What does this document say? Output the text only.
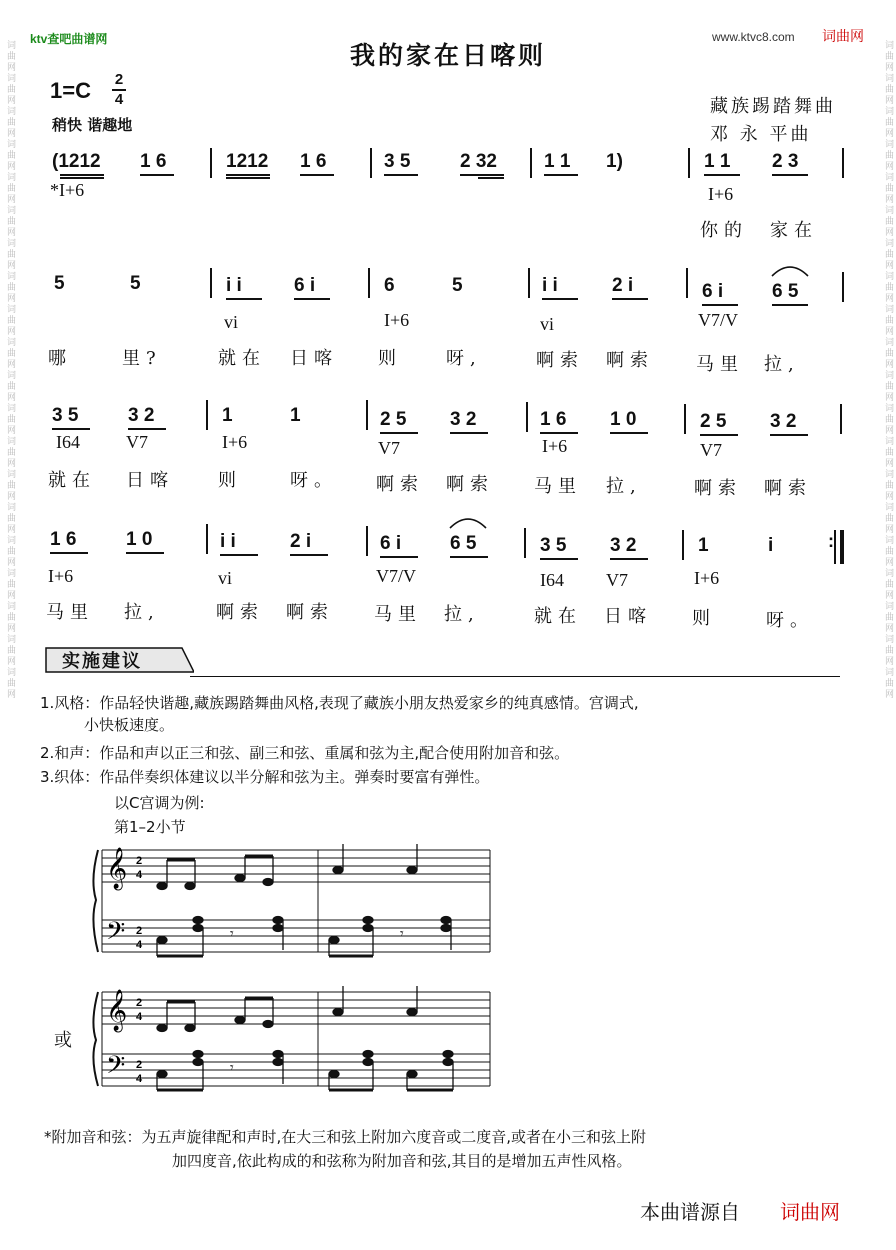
ktv查吧曲谱网	www.ktvc8.com 词曲网
词曲网词曲网词曲网词曲网词曲网词曲网词曲网词曲网词曲网词曲网词曲网词曲网词曲网词曲网词曲网词曲网词曲网词曲网词曲网词曲网	词曲网词曲网词曲网词曲网词曲网词曲网词曲网词曲网词曲网词曲网词曲网词曲网词曲网词曲网词曲网词曲网词曲网词曲网词曲网词曲网
我的家在日喀则
1=C 2
4
稍快 谐趣地
藏族踢踏舞曲
邓 永 平曲
(1212 1 6	1212 1 6	3 5	2 32 1 1 1)	1 1 2 3
*I+6	I+6
你的 家在
5	5	i i	6 i	6	5	i i	2 i	6 i	6 5
vi	I+6	vi	V7/V
哪	里?	就在 日喀 则 呀,	啊索 啊索 马里 拉,
3 5	3 2	1	1	2 5 3 2	1 6 1 0	2 5 3 2
I64	V7	I+6	V7	I+6	V7
就在 日喀 则	呀。 啊索 啊索 马里 拉,	啊索 啊索
1 6	1 0	i i	2 i	6 i	6 5	3 5 3 2	1	i	:
I+6	vi	V7/V	I64 V7	I+6
马里 拉,	啊索 啊索 马里 拉,	就在 日喀 则	呀。
实施建议
1.风格：作品轻快谐趣,藏族踢踏舞曲风格,表现了藏族小朋友热爱家乡的纯真感情。宫调式,
小快板速度。
2.和声：作品和声以正三和弦、副三和弦、重属和弦为主,配合使用附加音和弦。
3.织体：作品伴奏织体建议以半分解和弦为主。弹奏时要富有弹性。
以C宫调为例:
第1–2小节
𝄞
𝄢
2
4
2
4
𝄾	𝄾
或
𝄞
𝄢
2
4
2
4
𝄾
*附加音和弦：为五声旋律配和声时,在大三和弦上附加六度音或二度音,或者在小三和弦上附
加四度音,依此构成的和弦称为附加音和弦,其目的是增加五声性风格。
本曲谱源自 词曲网
